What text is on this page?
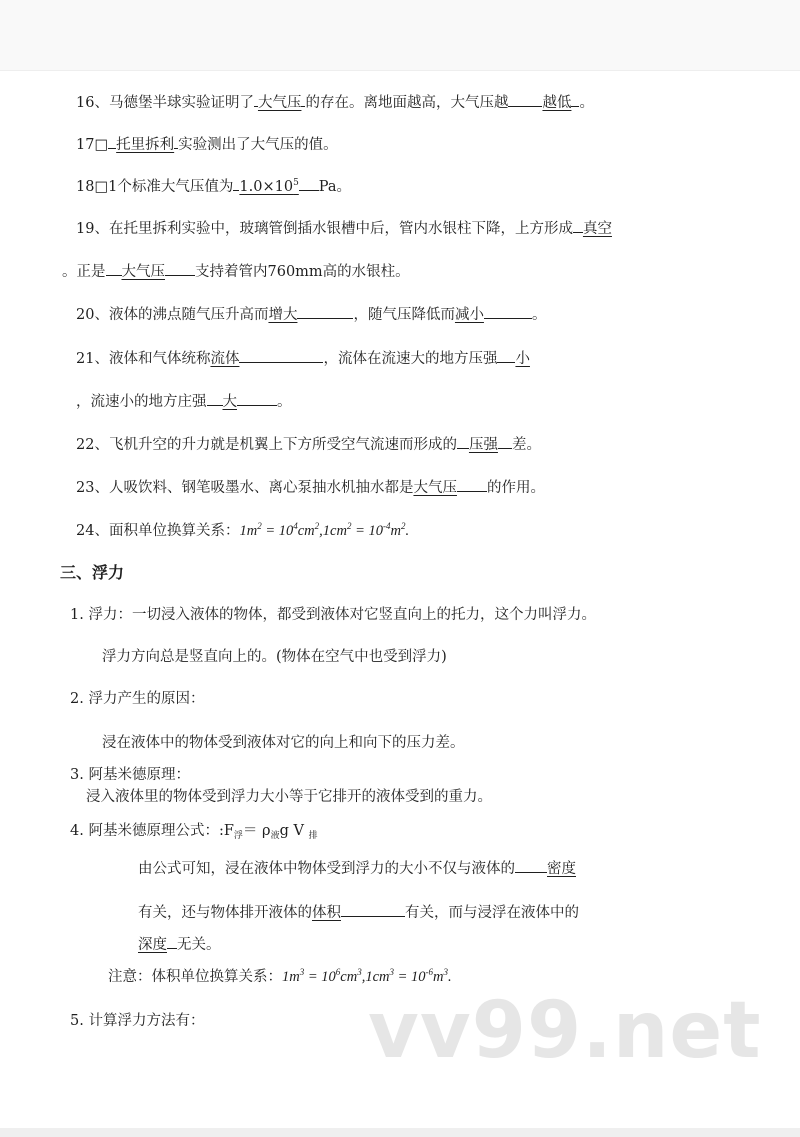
16、马德堡半球实验证明了 大气压 的存在。离地面越高，大气压越 越低 。
17□ 托里拆利 实验测出了大气压的值。
18□1个标准大气压值为 $1.0\times 10^5$ Pa。
19、在托里拆利实验中，玻璃管倒插水银槽中后，管内水银柱下降，上方形成 真空
。正是 大气压 支持着管内760mm高的水银柱。
20、液体的沸点随气压升高而增大	，随气压降低而减小	。
21、液体和气体统称流体	，流体在流速大的地方压强 小
，流速小的地方庄强 大	。
22、飞机升空的升力就是机翼上下方所受空气流速而形成的 压强 差。
23、人吸饮料、钢笔吸墨水、离心泵抽水机抽水都是大气压 的作用。
24、面积单位换算关系：$1m^2 = 10^4cm^2,1cm^2 = 10^{-4}m^2$.
三、浮力
1. 浮力：一切浸入液体的物体，都受到液体对它竖直向上的托力，这个力叫浮力。
浮力方向总是竖直向上的。(物体在空气中也受到浮力)
2. 浮力产生的原因：
浸在液体中的物体受到液体对它的向上和向下的压力差。
3. 阿基米德原理：
浸入液体里的物体受到浮力大小等于它排开的液体受到的重力。
4. 阿基米德原理公式：$:F_浮= \rho_液g$ V $_排$
由公式可知，浸在液体中物体受到浮力的大小不仅与液体的 密度
有关，还与物体排开液体的体积	有关，而与浸浮在液体中的
深度 无关。
注意：体积单位换算关系：$1m^3 = 10^6cm^3,1cm^3 = 10^{-6}m^3$.
5. 计算浮力方法有： vv99.net
